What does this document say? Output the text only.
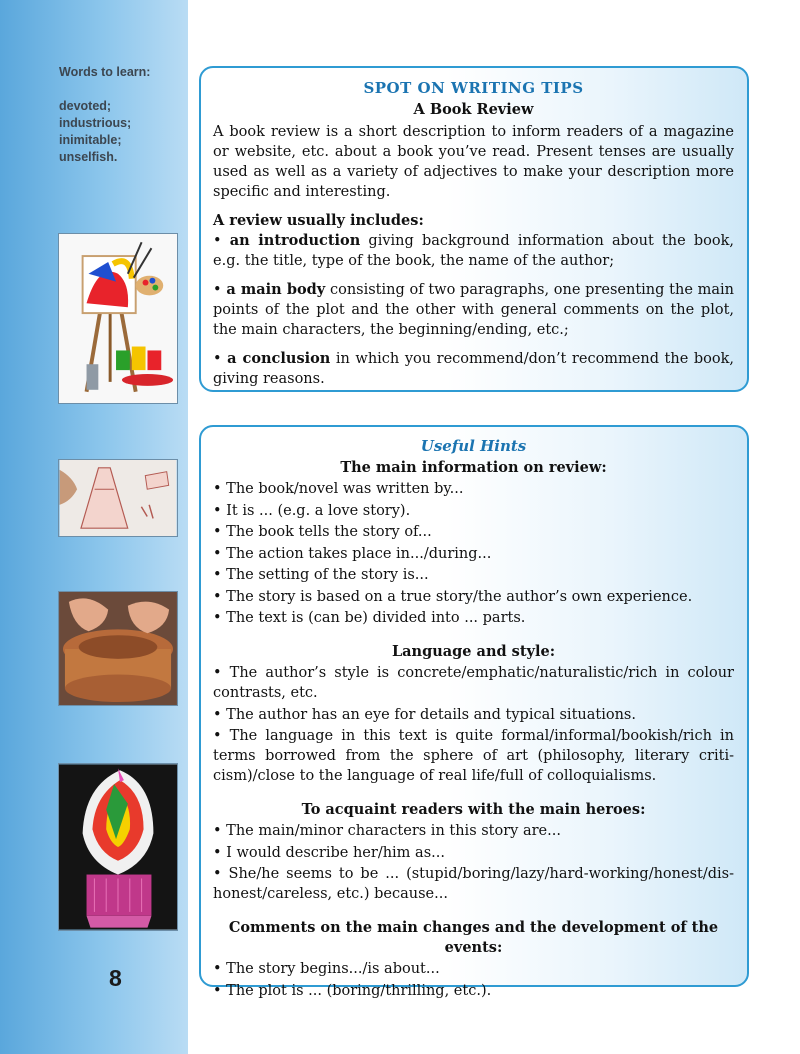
Words to learn:
devoted;
industrious;
inimitable;
unselfish.
8
SPOT ON WRITING TIPS
A Book Review

A book review is a short description to inform readers of a magazine or website, etc. about a book you’ve read. Present tenses are usually used as well as a variety of adjectives to make your description more specific and interesting.

A review usually includes:

• an introduction giving background information about the book, e.g. the title, type of the book, the name of the author;

• a main body consisting of two paragraphs, one presenting the main points of the plot and the other with general comments on the plot, the main characters, the beginning/ending, etc.;

• a conclusion in which you recommend/don’t recommend the book, giving reasons.

Useful Hints
The main information on review:
• The book/novel was written by...
• It is ... (e.g. a love story).
• The book tells the story of...
• The action takes place in.../during...
• The setting of the story is...
• The story is based on a true story/the author’s own experience.
• The text is (can be) divided into ... parts.
Language and style:
• The author’s style is concrete/emphatic/naturalistic/rich in colour contrasts, etc.
• The author has an eye for details and typical situations.
• The language in this text is quite formal/informal/bookish/rich in terms borrowed from the sphere of art (philosophy, literary criti-cism)/close to the language of real life/full of colloquialisms.
To acquaint readers with the main heroes:
• The main/minor characters in this story are...
• I would describe her/him as...
• She/he seems to be ... (stupid/boring/lazy/hard-working/honest/dis-honest/careless, etc.) because...
Comments on the main changes and the development of the events:
• The story begins.../is about...
• The plot is ... (boring/thrilling, etc.).
